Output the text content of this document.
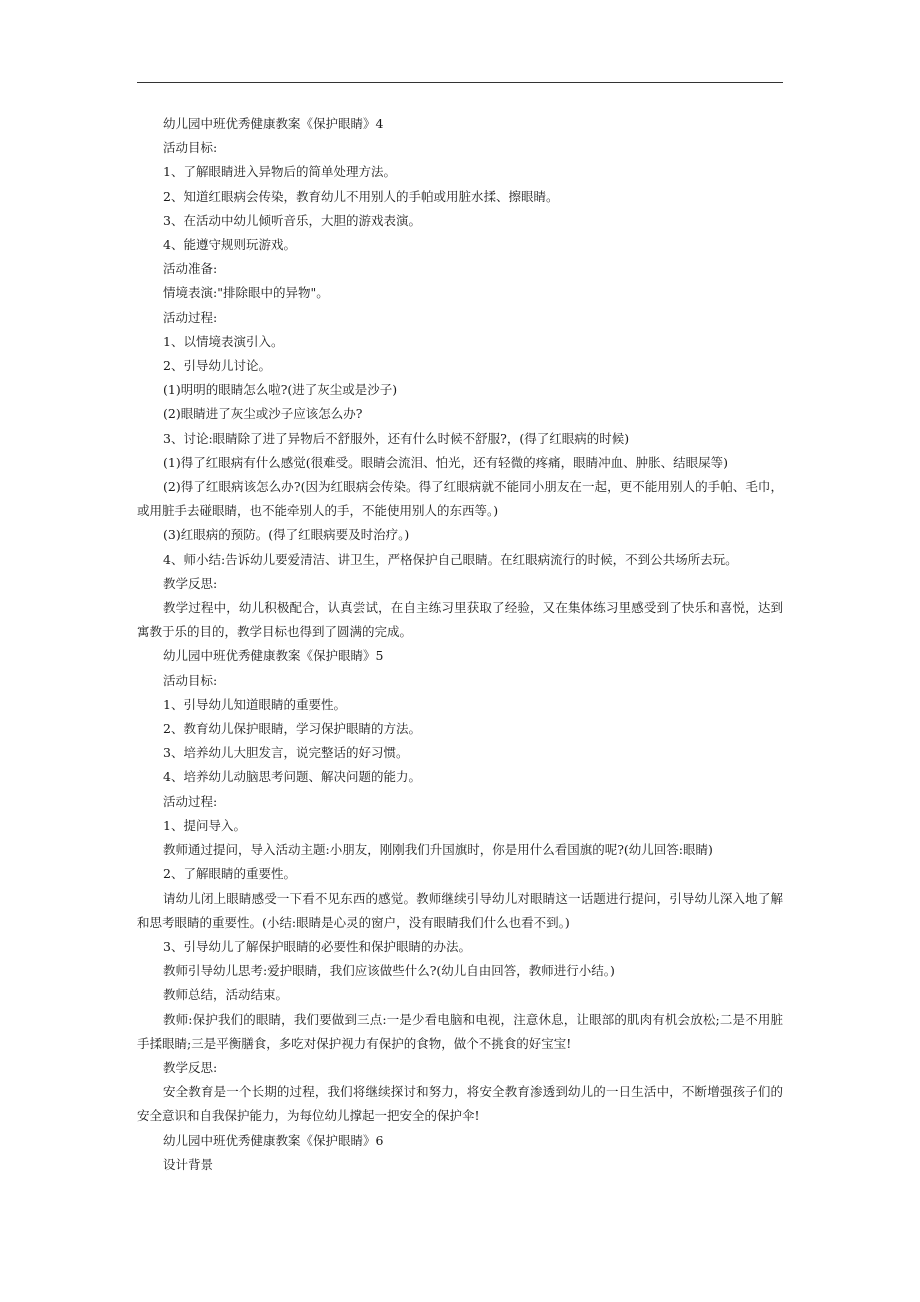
幼儿园中班优秀健康教案《保护眼睛》4

活动目标:

1、了解眼睛进入异物后的简单处理方法。

2、知道红眼病会传染，教育幼儿不用别人的手帕或用脏水揉、擦眼睛。

3、在活动中幼儿倾听音乐，大胆的游戏表演。

4、能遵守规则玩游戏。

活动准备:

情境表演:"排除眼中的异物"。

活动过程:

1、以情境表演引入。

2、引导幼儿讨论。

(1)明明的眼睛怎么啦?(进了灰尘或是沙子)

(2)眼睛进了灰尘或沙子应该怎么办?

3、讨论:眼睛除了进了异物后不舒服外，还有什么时候不舒服?，(得了红眼病的时候)

(1)得了红眼病有什么感觉(很难受。眼睛会流泪、怕光，还有轻微的疼痛，眼睛冲血、肿胀、结眼屎等)

(2)得了红眼病该怎么办?(因为红眼病会传染。得了红眼病就不能同小朋友在一起，更不能用别人的手帕、毛巾，或用脏手去碰眼睛，也不能牵别人的手，不能使用别人的东西等。)

(3)红眼病的预防。(得了红眼病要及时治疗。)

4、师小结:告诉幼儿要爱清洁、讲卫生，严格保护自己眼睛。在红眼病流行的时候，不到公共场所去玩。

教学反思:

教学过程中，幼儿积极配合，认真尝试，在自主练习里获取了经验，又在集体练习里感受到了快乐和喜悦，达到寓教于乐的目的，教学目标也得到了圆满的完成。

幼儿园中班优秀健康教案《保护眼睛》5

活动目标:

1、引导幼儿知道眼睛的重要性。

2、教育幼儿保护眼睛，学习保护眼睛的方法。

3、培养幼儿大胆发言，说完整话的好习惯。

4、培养幼儿动脑思考问题、解决问题的能力。

活动过程:

1、提问导入。

教师通过提问，导入活动主题:小朋友，刚刚我们升国旗时，你是用什么看国旗的呢?(幼儿回答:眼睛)

2、了解眼睛的重要性。

请幼儿闭上眼睛感受一下看不见东西的感觉。教师继续引导幼儿对眼睛这一话题进行提问，引导幼儿深入地了解和思考眼睛的重要性。(小结:眼睛是心灵的窗户，没有眼睛我们什么也看不到。)

3、引导幼儿了解保护眼睛的必要性和保护眼睛的办法。

教师引导幼儿思考:爱护眼睛，我们应该做些什么?(幼儿自由回答，教师进行小结。)

教师总结，活动结束。

教师:保护我们的眼睛，我们要做到三点:一是少看电脑和电视，注意休息，让眼部的肌肉有机会放松;二是不用脏手揉眼睛;三是平衡膳食，多吃对保护视力有保护的食物，做个不挑食的好宝宝!

教学反思:

安全教育是一个长期的过程，我们将继续探讨和努力，将安全教育渗透到幼儿的一日生活中，不断增强孩子们的安全意识和自我保护能力，为每位幼儿撑起一把安全的保护伞!

幼儿园中班优秀健康教案《保护眼睛》6

设计背景
